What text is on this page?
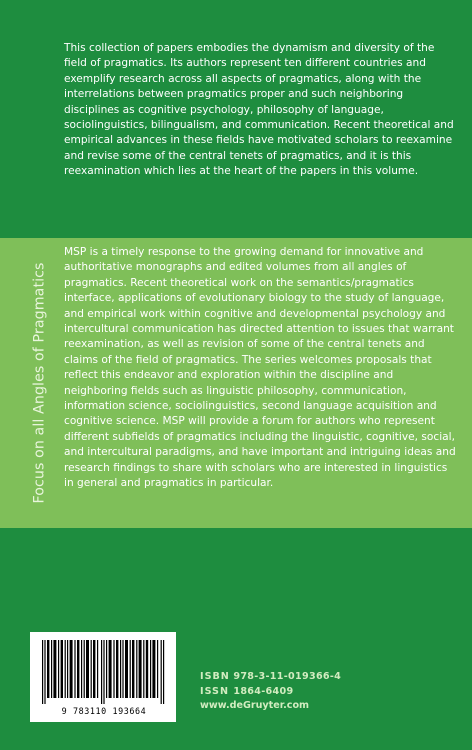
This collection of papers embodies the dynamism and diversity of the field of pragmatics. Its authors represent ten different countries and exemplify research across all aspects of pragmatics, along with the interrelations between pragmatics proper and such neighboring disciplines as cognitive psychology, philosophy of language, sociolinguistics, bilingualism, and communication. Recent theoretical and empirical advances in these fields have motivated scholars to reexamine and revise some of the central tenets of pragmatics, and it is this reexamination which lies at the heart of the papers in this volume.

Focus on all Angles of Pragmatics

MSP is a timely response to the growing demand for innovative and authoritative monographs and edited volumes from all angles of pragmatics. Recent theoretical work on the semantics/pragmatics interface, applications of evolutionary biology to the study of language, and empirical work within cognitive and developmental psychology and intercultural communication has directed attention to issues that warrant reexamination, as well as revision of some of the central tenets and claims of the field of pragmatics. The series welcomes proposals that reflect this endeavor and exploration within the discipline and neighboring fields such as linguistic philosophy, communication, information science, sociolinguistics, second language acquisition and cognitive science. MSP will provide a forum for authors who represent different subfields of pragmatics including the linguistic, cognitive, social, and intercultural paradigms, and have important and intriguing ideas and research findings to share with scholars who are interested in linguistics in general and pragmatics in particular.

9 783110 193664
ISBN 978-3-11-019366-4
ISSN 1864-6409
www.deGruyter.com
